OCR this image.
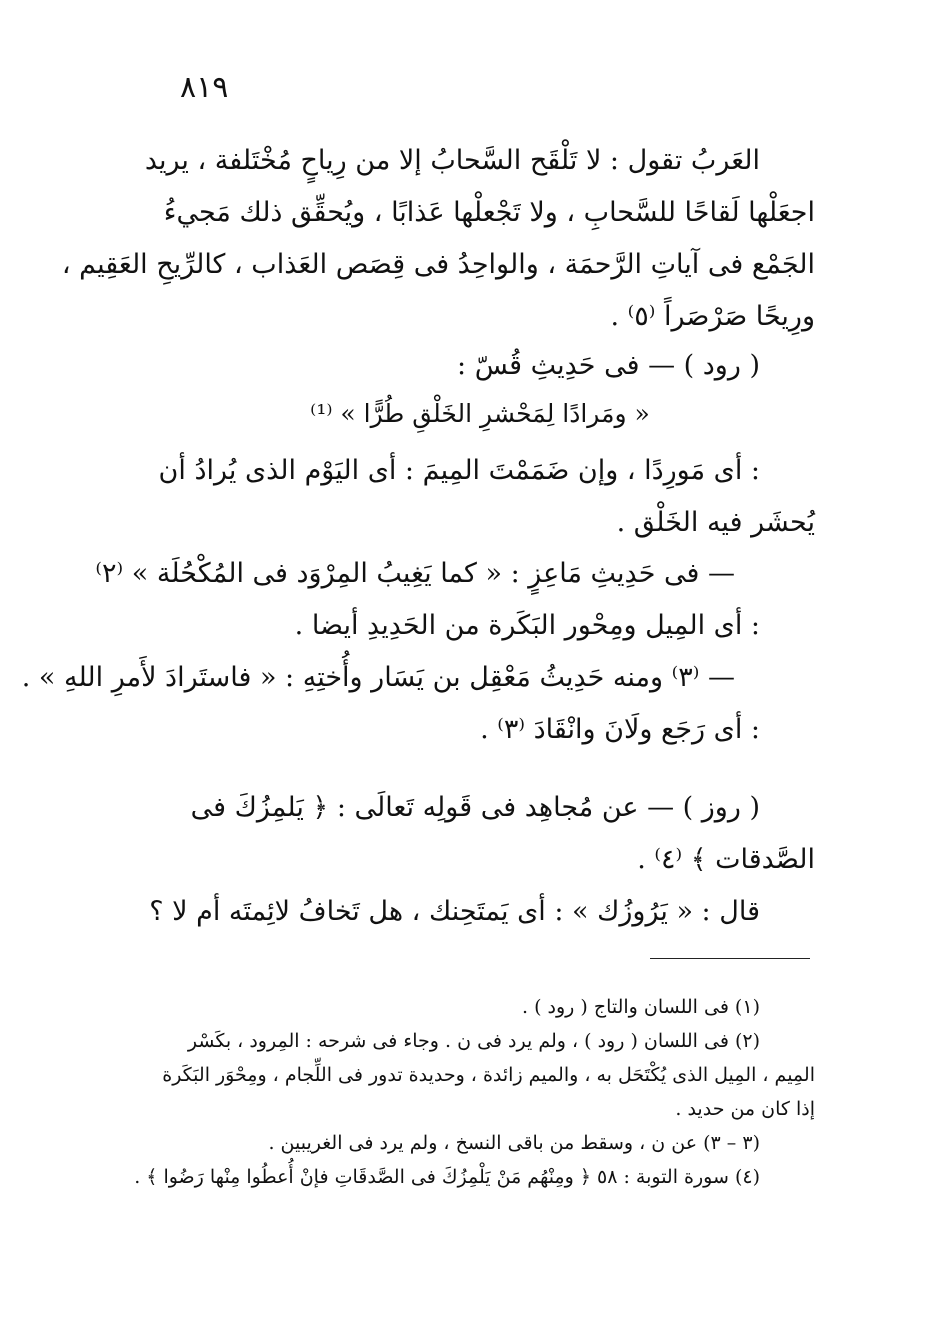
٨١٩

العَربُ تقول : لا تَلْقَح السَّحابُ إلا من رِياحٍ مُخْتَلفة ، يريد
اجعَلْها لَقاحًا للسَّحابِ ، ولا تَجْعلْها عَذابًا ، ويُحقِّق ذلك مَجيءُ
الجَمْع فى آياتِ الرَّحمَة ، والواحِدُ فى قِصَص العَذاب ، كالرِّيحِ العَقِيم ،
ورِيحًا صَرْصَراً ⁽٥⁾ .

( رود ) — فى حَدِيثِ قُسّ :
« ومَرادًا لِمَحْشرِ الخَلْقِ طُرًّا » ⁽¹⁾
: أى مَورِدًا ، وإن ضَمَمْتَ المِيمَ : أى اليَوْم الذى يُرادُ أن
يُحشَر فيه الخَلْق .
— فى حَدِيثِ مَاعِزٍ : « كما يَغِيبُ المِرْوَد فى المُكْحُلَة » ⁽٢⁾
: أى المِيل ومِحْور البَكَرة من الحَدِيدِ أيضا .
— ⁽٣⁾ ومنه حَدِيثُ مَعْقِل بن يَسَار وأُختِهِ : « فاستَرادَ لأَمرِ اللهِ » .
: أى رَجَع ولَانَ وانْقَادَ ⁽٣⁾ .
( روز ) — عن مُجاهِد فى قَولِه تَعالَى : ﴿ يَلمِزُكَ فى
الصَّدقات ﴾ ⁽٤⁾ .
قال : « يَرُوزُك » : أى يَمتَحِنك ، هل تَخافُ لائِمتَه أم لا ؟

(١) فى اللسان والتاج ( رود ) .

(٢) فى اللسان ( رود ) ، ولم يرد فى ن . وجاء فى شرحه : المِرود ، بكَسْر

المِيم ، المِيل الذى يُكْتَحَل به ، والميم زائدة ، وحديدة تدور فى اللِّجام ، ومِحْوَر البَكَرة

إذا كان من حديد .

(٣ – ٣) عن ن ، وسقط من باقى النسخ ، ولم يرد فى الغريبين .

(٤) سورة التوبة : ٥٨ ﴿ ومِنْهُم مَنْ يَلْمِزُكَ فى الصَّدقَاتِ فإنْ أُعطُوا مِنْها رَضُوا ﴾ .
